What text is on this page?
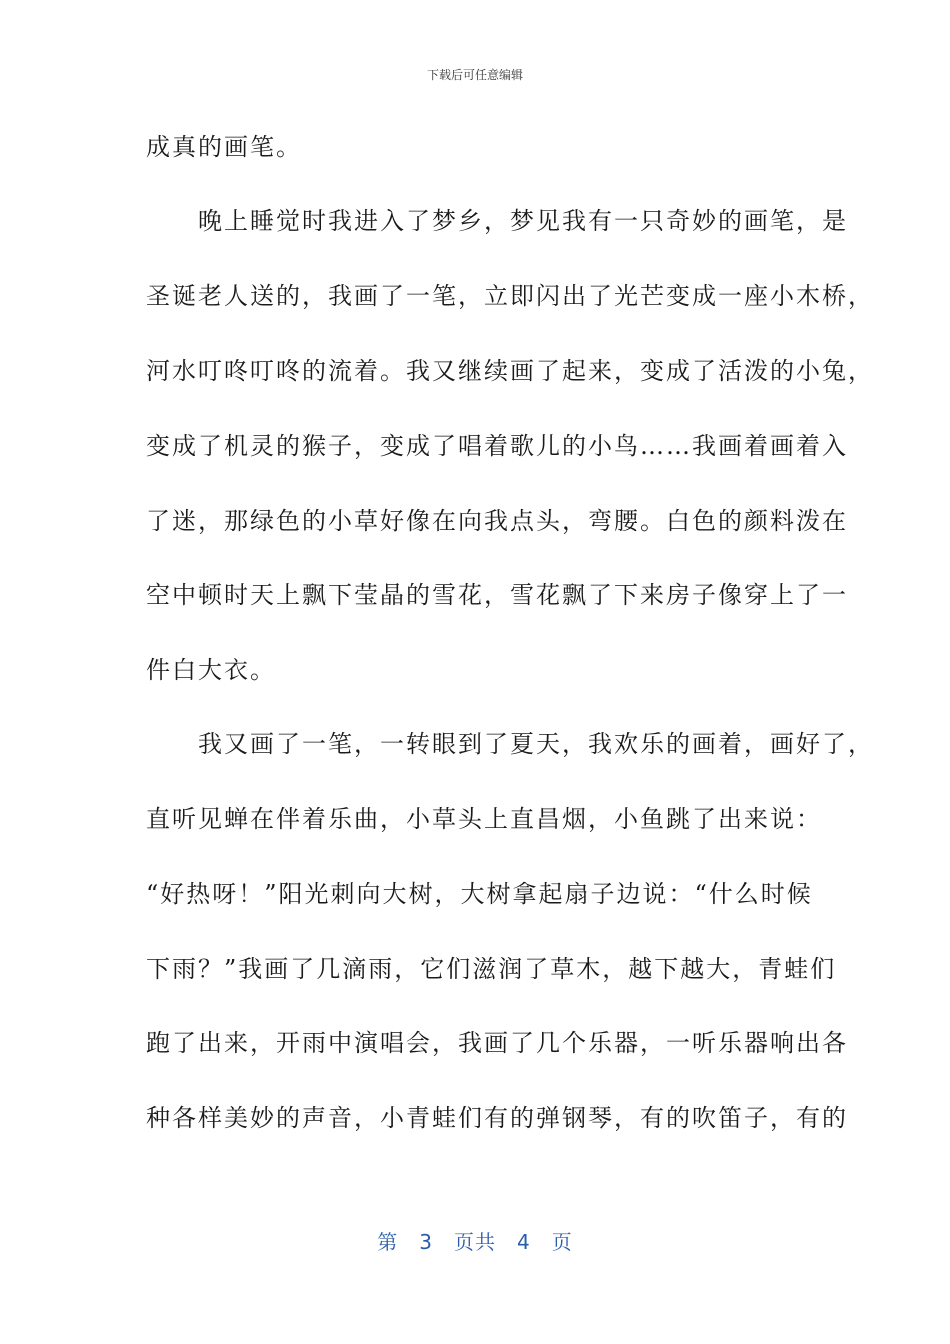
下载后可任意编辑
成真的画笔。
　　晚上睡觉时我进入了梦乡，梦见我有一只奇妙的画笔，是
圣诞老人送的，我画了一笔，立即闪出了光芒变成一座小木桥，
河水叮咚叮咚的流着。我又继续画了起来，变成了活泼的小兔，
变成了机灵的猴子，变成了唱着歌儿的小鸟……我画着画着入
了迷，那绿色的小草好像在向我点头，弯腰。白色的颜料泼在
空中顿时天上飘下莹晶的雪花，雪花飘了下来房子像穿上了一
件白大衣。
　　我又画了一笔，一转眼到了夏天，我欢乐的画着，画好了，
直听见蝉在伴着乐曲，小草头上直昌烟，小鱼跳了出来说：
“好热呀！”阳光刺向大树，大树拿起扇子边说：“什么时候
下雨？”我画了几滴雨，它们滋润了草木，越下越大，青蛙们
跑了出来，开雨中演唱会，我画了几个乐器，一听乐器响出各
种各样美妙的声音，小青蛙们有的弹钢琴，有的吹笛子，有的
第　3　页共　4　页
